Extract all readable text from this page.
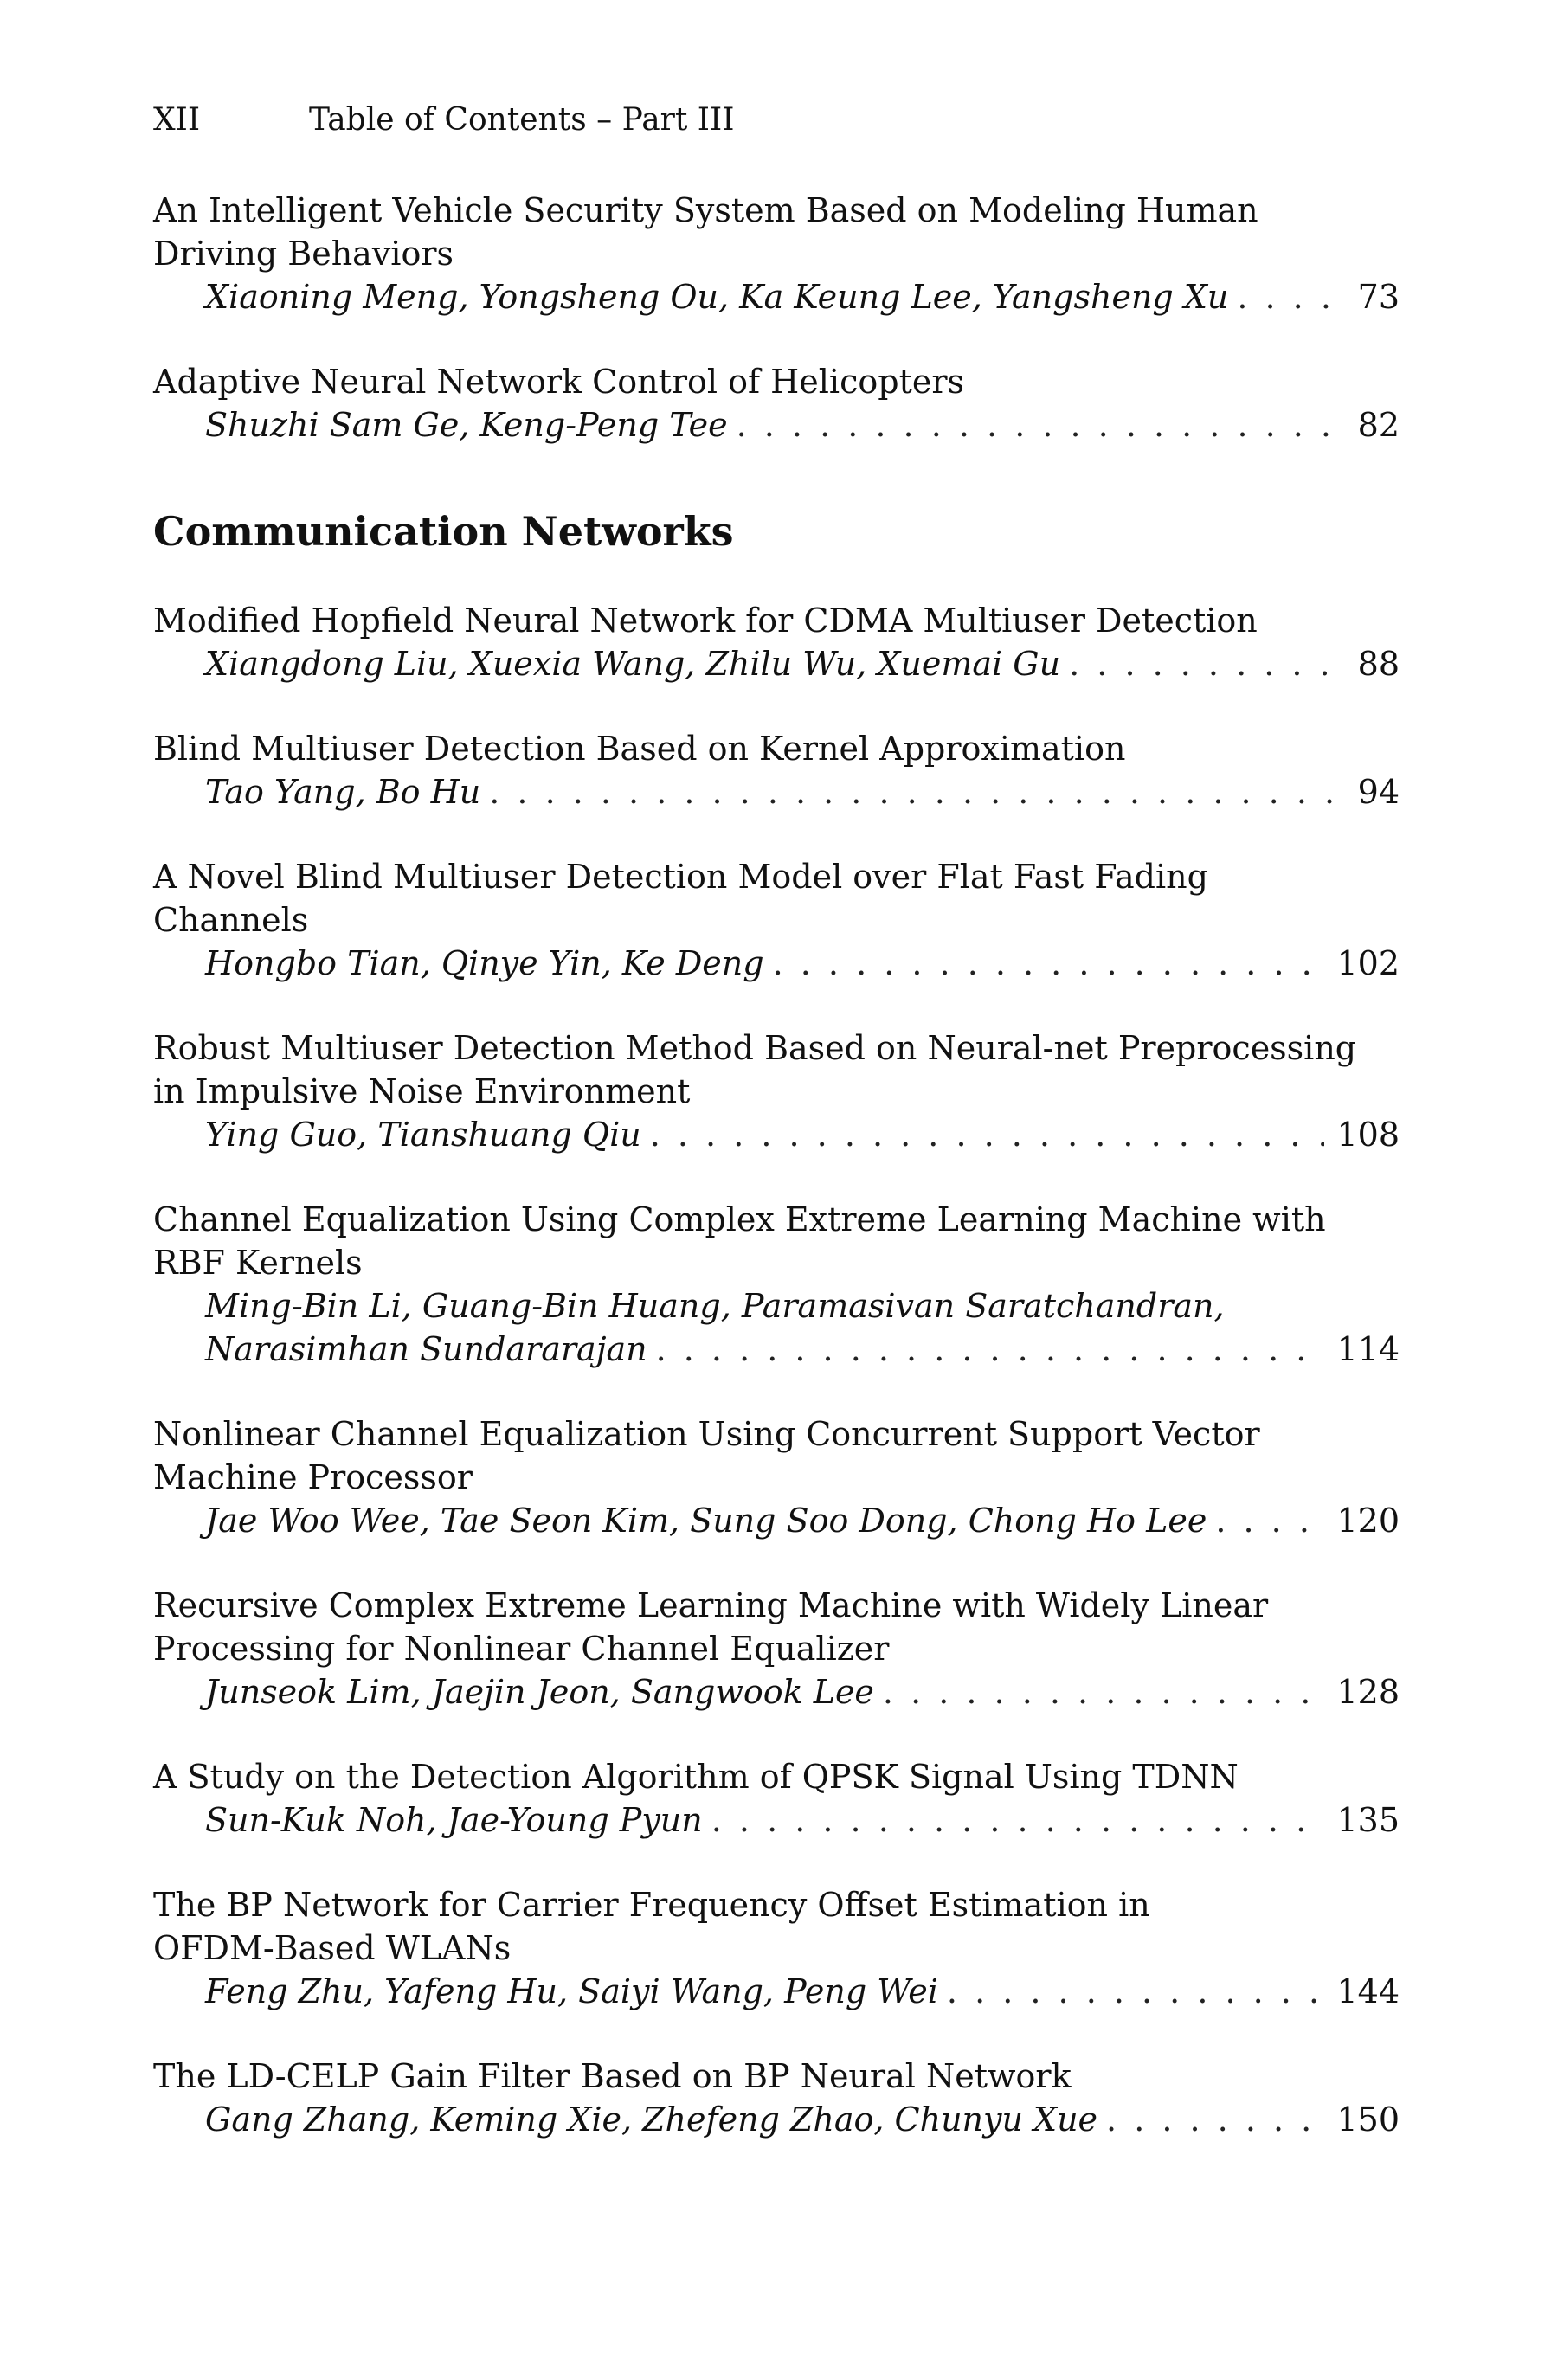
XII	Table of Contents – Part III
An Intelligent Vehicle Security System Based on Modeling Human
Driving Behaviors
Xiaoning Meng, Yongsheng Ou, Ka Keung Lee, Yangsheng Xu . . .	73
Adaptive Neural Network Control of Helicopters
Shuzhi Sam Ge, Keng-Peng Tee . . .	82
Communication Networks
Modified Hopfield Neural Network for CDMA Multiuser Detection
Xiangdong Liu, Xuexia Wang, Zhilu Wu, Xuemai Gu . . .	88
Blind Multiuser Detection Based on Kernel Approximation
Tao Yang, Bo Hu . . .	94
A Novel Blind Multiuser Detection Model over Flat Fast Fading
Channels
Hongbo Tian, Qinye Yin, Ke Deng . . .	102
Robust Multiuser Detection Method Based on Neural-net Preprocessing
in Impulsive Noise Environment
Ying Guo, Tianshuang Qiu . . .	108
Channel Equalization Using Complex Extreme Learning Machine with
RBF Kernels
Ming-Bin Li, Guang-Bin Huang, Paramasivan Saratchandran,
Narasimhan Sundararajan . . .	114
Nonlinear Channel Equalization Using Concurrent Support Vector
Machine Processor
Jae Woo Wee, Tae Seon Kim, Sung Soo Dong, Chong Ho Lee . . .	120
Recursive Complex Extreme Learning Machine with Widely Linear
Processing for Nonlinear Channel Equalizer
Junseok Lim, Jaejin Jeon, Sangwook Lee . . .	128
A Study on the Detection Algorithm of QPSK Signal Using TDNN
Sun-Kuk Noh, Jae-Young Pyun . . .	135
The BP Network for Carrier Frequency Offset Estimation in
OFDM-Based WLANs
Feng Zhu, Yafeng Hu, Saiyi Wang, Peng Wei . . .	144
The LD-CELP Gain Filter Based on BP Neural Network
Gang Zhang, Keming Xie, Zhefeng Zhao, Chunyu Xue . . .	150
